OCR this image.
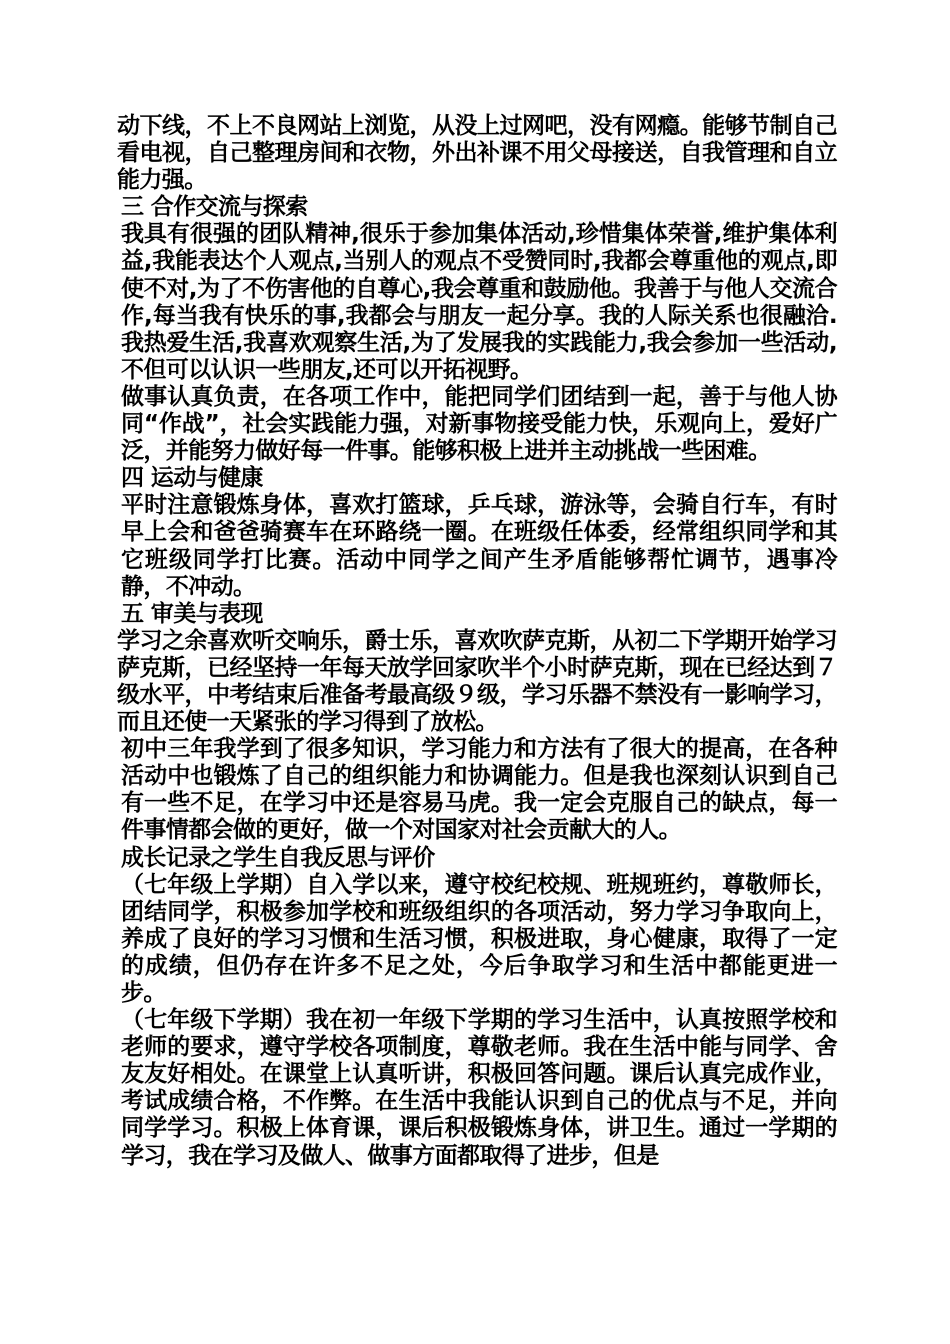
动下线，不上不良网站上浏览，从没上过网吧，没有网瘾。能够节制自己看电视，自己整理房间和衣物，外出补课不用父母接送，自我管理和自立能力强。

三 合作交流与探索

我具有很强的团队精神,很乐于参加集体活动,珍惜集体荣誉,维护集体利益,我能表达个人观点,当别人的观点不受赞同时,我都会尊重他的观点,即使不对,为了不伤害他的自尊心,我会尊重和鼓励他。我善于与他人交流合作,每当我有快乐的事,我都会与朋友一起分享。我的人际关系也很融洽.我热爱生活,我喜欢观察生活,为了发展我的实践能力,我会参加一些活动,不但可以认识一些朋友,还可以开拓视野。

做事认真负责，在各项工作中，能把同学们团结到一起，善于与他人协同“作战”，社会实践能力强，对新事物接受能力快，乐观向上，爱好广泛，并能努力做好每一件事。能够积极上进并主动挑战一些困难。

四 运动与健康

平时注意锻炼身体，喜欢打篮球，乒乓球，游泳等，会骑自行车，有时早上会和爸爸骑赛车在环路绕一圈。在班级任体委，经常组织同学和其它班级同学打比赛。活动中同学之间产生矛盾能够帮忙调节，遇事冷静，不冲动。

五 审美与表现

学习之余喜欢听交响乐，爵士乐，喜欢吹萨克斯，从初二下学期开始学习萨克斯，已经坚持一年每天放学回家吹半个小时萨克斯，现在已经达到７级水平，中考结束后准备考最高级９级，学习乐器不禁没有一影响学习，而且还使一天紧张的学习得到了放松。

初中三年我学到了很多知识，学习能力和方法有了很大的提高，在各种活动中也锻炼了自己的组织能力和协调能力。但是我也深刻认识到自己有一些不足，在学习中还是容易马虎。我一定会克服自己的缺点，每一件事情都会做的更好，做一个对国家对社会贡献大的人。

成长记录之学生自我反思与评价

（七年级上学期）自入学以来，遵守校纪校规、班规班约，尊敬师长，团结同学，积极参加学校和班级组织的各项活动，努力学习争取向上，养成了良好的学习习惯和生活习惯，积极进取，身心健康，取得了一定的成绩，但仍存在许多不足之处，今后争取学习和生活中都能更进一步。

（七年级下学期）我在初一年级下学期的学习生活中，认真按照学校和老师的要求，遵守学校各项制度，尊敬老师。我在生活中能与同学、舍友友好相处。在课堂上认真听讲，积极回答问题。课后认真完成作业，考试成绩合格，不作弊。在生活中我能认识到自己的优点与不足，并向同学学习。积极上体育课，课后积极锻炼身体，讲卫生。通过一学期的学习，我在学习及做人、做事方面都取得了进步，但是
